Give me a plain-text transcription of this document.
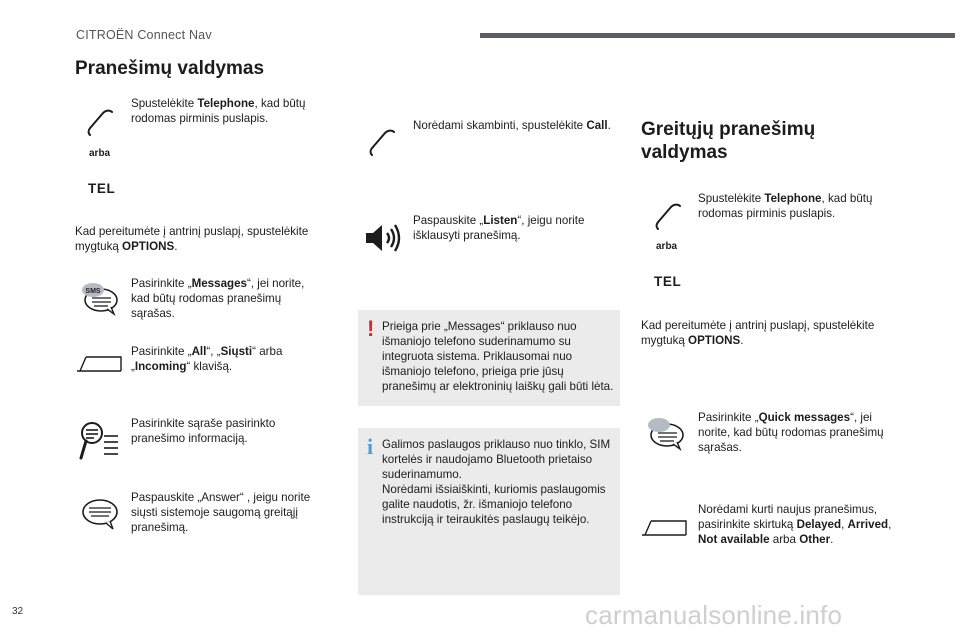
CITROËN Connect Nav
Pranešimų valdymas
Spustelėkite Telephone, kad būtų rodomas pirminis puslapis.
arba
TEL
Kad pereitumėte į antrinį puslapį, spustelėkite mygtuką OPTIONS.
SMS
Pasirinkite „Messages“, jei norite, kad būtų rodomas pranešimų sąrašas.
Pasirinkite „All“, „Siųsti“ arba „Incoming“ klavišą.
Pasirinkite sąraše pasirinkto pranešimo informaciją.
Paspauskite „Answer“ , jeigu norite siųsti sistemoje saugomą greitąjį pranešimą.
Norėdami skambinti, spustelėkite Call.
Paspauskite „Listen“, jeigu norite išklausyti pranešimą.
! Prieiga prie „Messages“ priklauso nuo išmaniojo telefono suderinamumo su integruota sistema. Priklausomai nuo išmaniojo telefono, prieiga prie jūsų pranešimų ar elektroninių laiškų gali būti lėta.
i Galimos paslaugos priklauso nuo tinklo, SIM kortelės ir naudojamo Bluetooth prietaiso suderinamumo.
Norėdami išsiaiškinti, kuriomis paslaugomis galite naudotis, žr. išmaniojo telefono instrukciją ir teiraukitės paslaugų teikėjo.
Greitųjų pranešimų valdymas
Spustelėkite Telephone, kad būtų rodomas pirminis puslapis.
arba
TEL
Kad pereitumėte į antrinį puslapį, spustelėkite mygtuką OPTIONS.
Pasirinkite „Quick messages“, jei norite, kad būtų rodomas pranešimų sąrašas.
Norėdami kurti naujus pranešimus, pasirinkite skirtuką Delayed, Arrived, Not available arba Other.
32	carmanualsonline.info
